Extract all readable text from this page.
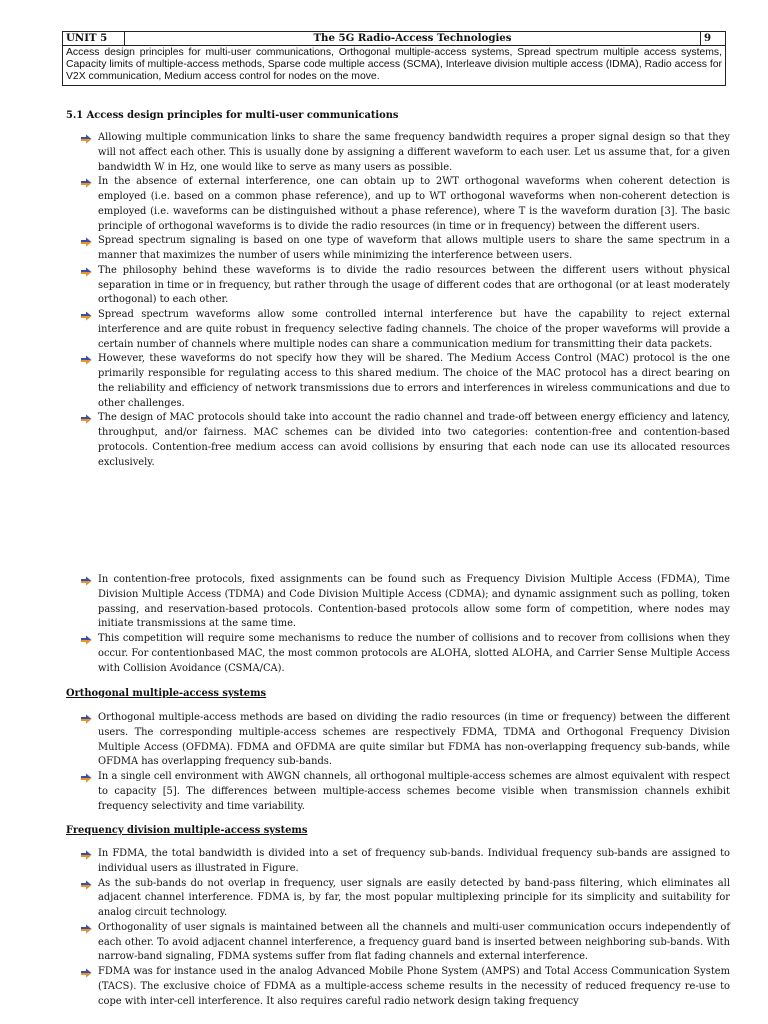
UNIT 5	The 5G Radio-Access Technologies	9
Access design principles for multi-user communications, Orthogonal multiple-access systems, Spread spectrum multiple access systems, Capacity limits of multiple-access methods, Sparse code multiple access (SCMA), Interleave division multiple access (IDMA), Radio access for V2X communication, Medium access control for nodes on the move.
5.1 Access design principles for multi-user communications
Allowing multiple communication links to share the same frequency bandwidth requires a proper signal design so that they will not affect each other. This is usually done by assigning a different waveform to each user. Let us assume that, for a given bandwidth W in Hz, one would like to serve as many users as possible.
In the absence of external interference, one can obtain up to 2WT orthogonal waveforms when coherent detection is employed (i.e. based on a common phase reference), and up to WT orthogonal waveforms when non-coherent detection is employed (i.e. waveforms can be distinguished without a phase reference), where T is the waveform duration [3]. The basic principle of orthogonal waveforms is to divide the radio resources (in time or in frequency) between the different users.
Spread spectrum signaling is based on one type of waveform that allows multiple users to share the same spectrum in a manner that maximizes the number of users while minimizing the interference between users.
The philosophy behind these waveforms is to divide the radio resources between the different users without physical separation in time or in frequency, but rather through the usage of different codes that are orthogonal (or at least moderately orthogonal) to each other.
Spread spectrum waveforms allow some controlled internal interference but have the capability to reject external interference and are quite robust in frequency selective fading channels. The choice of the proper waveforms will provide a certain number of channels where multiple nodes can share a communication medium for transmitting their data packets.
However, these waveforms do not specify how they will be shared. The Medium Access Control (MAC) protocol is the one primarily responsible for regulating access to this shared medium. The choice of the MAC protocol has a direct bearing on the reliability and efficiency of network transmissions due to errors and interferences in wireless communications and due to other challenges.
The design of MAC protocols should take into account the radio channel and trade-off between energy efficiency and latency, throughput, and/or fairness. MAC schemes can be divided into two categories: contention-free and contention-based protocols. Contention-free medium access can avoid collisions by ensuring that each node can use its allocated resources exclusively.
In contention-free protocols, fixed assignments can be found such as Frequency Division Multiple Access (FDMA), Time Division Multiple Access (TDMA) and Code Division Multiple Access (CDMA); and dynamic assignment such as polling, token passing, and reservation-based protocols. Contention-based protocols allow some form of competition, where nodes may initiate transmissions at the same time.
This competition will require some mechanisms to reduce the number of collisions and to recover from collisions when they occur. For contentionbased MAC, the most common protocols are ALOHA, slotted ALOHA, and Carrier Sense Multiple Access with Collision Avoidance (CSMA/CA).
Orthogonal multiple-access systems
Orthogonal multiple-access methods are based on dividing the radio resources (in time or frequency) between the different users. The corresponding multiple-access schemes are respectively FDMA, TDMA and Orthogonal Frequency Division Multiple Access (OFDMA). FDMA and OFDMA are quite similar but FDMA has non-overlapping frequency sub-bands, while OFDMA has overlapping frequency sub-bands.
In a single cell environment with AWGN channels, all orthogonal multiple-access schemes are almost equivalent with respect to capacity [5]. The differences between multiple-access schemes become visible when transmission channels exhibit frequency selectivity and time variability.
Frequency division multiple-access systems
In FDMA, the total bandwidth is divided into a set of frequency sub-bands. Individual frequency sub-bands are assigned to individual users as illustrated in Figure.
As the sub-bands do not overlap in frequency, user signals are easily detected by band-pass filtering, which eliminates all adjacent channel interference. FDMA is, by far, the most popular multiplexing principle for its simplicity and suitability for analog circuit technology.
Orthogonality of user signals is maintained between all the channels and multi-user communication occurs independently of each other. To avoid adjacent channel interference, a frequency guard band is inserted between neighboring sub-bands. With narrow-band signaling, FDMA systems suffer from flat fading channels and external interference.
FDMA was for instance used in the analog Advanced Mobile Phone System (AMPS) and Total Access Communication System (TACS). The exclusive choice of FDMA as a multiple-access scheme results in the necessity of reduced frequency re-use to cope with inter-cell interference. It also requires careful radio network design taking frequency
